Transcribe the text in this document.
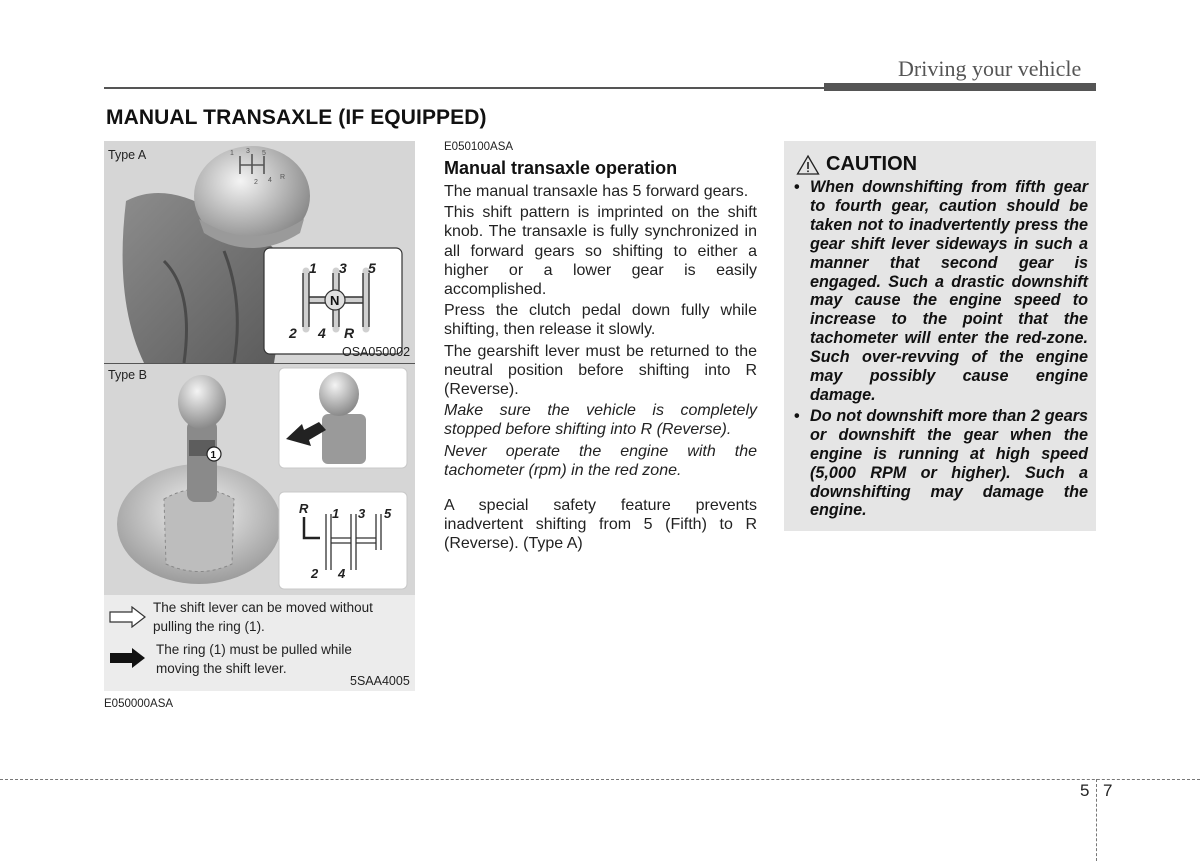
Driving your vehicle
MANUAL TRANSAXLE (IF EQUIPPED)
1 3 5
2 4 R
N
1 3 5
2 4 R
Type A
OSA050002
1
R 1 3 5
2 4
Type B
The shift lever can be moved without pulling the ring (1).
The ring (1) must be pulled while moving the shift lever.
5SAA4005
E050000ASA
E050100ASA
Manual transaxle operation

The manual transaxle has 5 forward gears.

This shift pattern is imprinted on the shift knob. The transaxle is fully synchronized in all forward gears so shifting to either a higher or a lower gear is easily accomplished.

Press the clutch pedal down fully while shifting, then release it slowly.

The gearshift lever must be returned to the neutral position before shifting into R (Reverse).

Make sure the vehicle is completely stopped before shifting into R (Reverse).

Never operate the engine with the tachometer (rpm) in the red zone.

A special safety feature prevents inadvertent shifting from 5 (Fifth) to R (Reverse). (Type A)

CAUTION
• When downshifting from fifth gear to fourth gear, caution should be taken not to inadvertently press the gear shift lever sideways in such a manner that second gear is engaged. Such a drastic downshift may cause the engine speed to increase to the point that the tachometer will enter the red-zone. Such over-revving of the engine may possibly cause engine damage.
• Do not downshift more than 2 gears or downshift the gear when the engine is running at high speed (5,000 RPM or higher). Such a downshifting may damage the engine.
5 7
